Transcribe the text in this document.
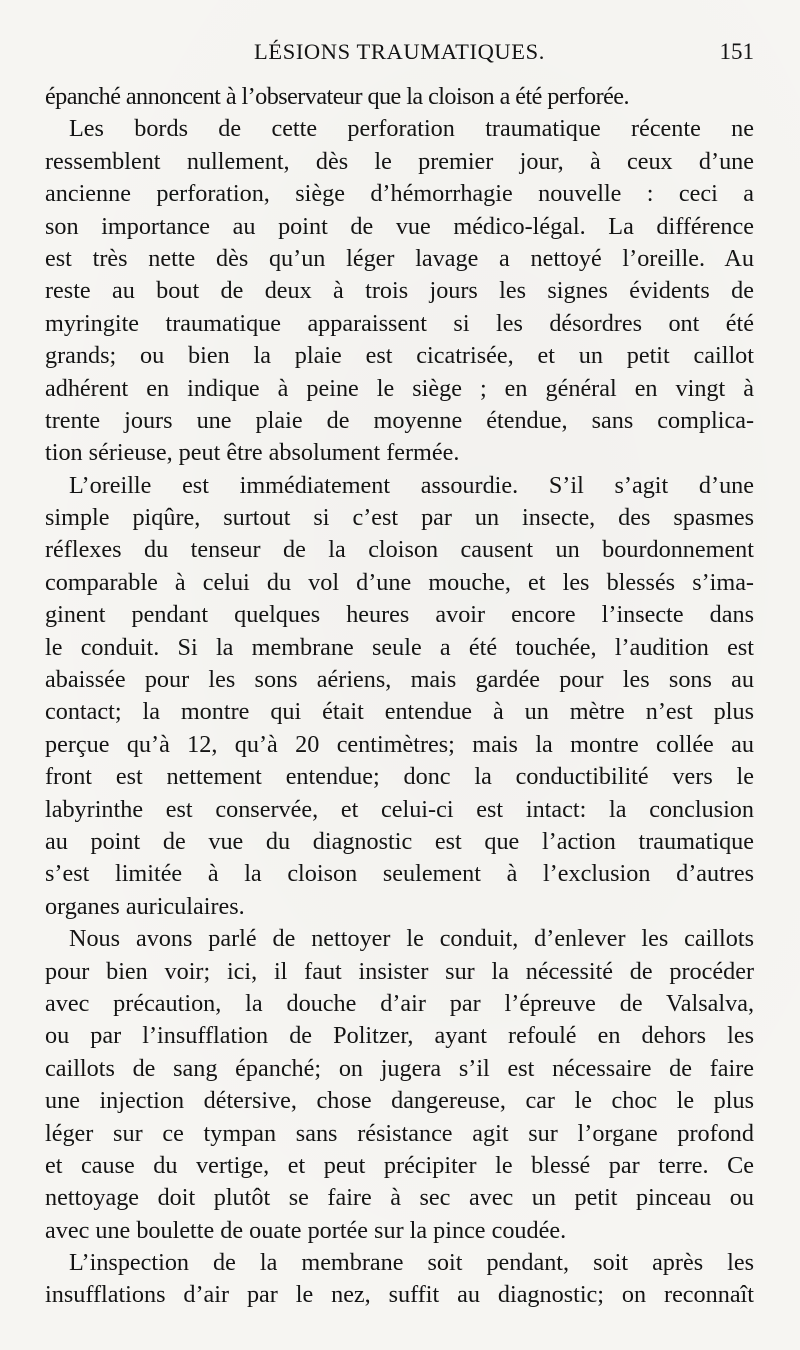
LÉSIONS TRAUMATIQUES.	151
épanché annoncent à l’observateur que la cloison a été perforée.
Les bords de cette perforation traumatique récente ne
ressemblent nullement, dès le premier jour, à ceux d’une
ancienne perforation, siège d’hémorrhagie nouvelle : ceci a
son importance au point de vue médico-légal. La différence
est très nette dès qu’un léger lavage a nettoyé l’oreille. Au
reste au bout de deux à trois jours les signes évidents de
myringite traumatique apparaissent si les désordres ont été
grands; ou bien la plaie est cicatrisée, et un petit caillot
adhérent en indique à peine le siège ; en général en vingt à
trente jours une plaie de moyenne étendue, sans complica-
tion sérieuse, peut être absolument fermée.
L’oreille est immédiatement assourdie. S’il s’agit d’une
simple piqûre, surtout si c’est par un insecte, des spasmes
réflexes du tenseur de la cloison causent un bourdonnement
comparable à celui du vol d’une mouche, et les blessés s’ima-
ginent pendant quelques heures avoir encore l’insecte dans
le conduit. Si la membrane seule a été touchée, l’audition est
abaissée pour les sons aériens, mais gardée pour les sons au
contact; la montre qui était entendue à un mètre n’est plus
perçue qu’à 12, qu’à 20 centimètres; mais la montre collée au
front est nettement entendue; donc la conductibilité vers le
labyrinthe est conservée, et celui-ci est intact: la conclusion
au point de vue du diagnostic est que l’action traumatique
s’est limitée à la cloison seulement à l’exclusion d’autres
organes auriculaires.
Nous avons parlé de nettoyer le conduit, d’enlever les caillots
pour bien voir; ici, il faut insister sur la nécessité de procéder
avec précaution, la douche d’air par l’épreuve de Valsalva,
ou par l’insufflation de Politzer, ayant refoulé en dehors les
caillots de sang épanché; on jugera s’il est nécessaire de faire
une injection détersive, chose dangereuse, car le choc le plus
léger sur ce tympan sans résistance agit sur l’organe profond
et cause du vertige, et peut précipiter le blessé par terre. Ce
nettoyage doit plutôt se faire à sec avec un petit pinceau ou
avec une boulette de ouate portée sur la pince coudée.
L’inspection de la membrane soit pendant, soit après les
insufflations d’air par le nez, suffit au diagnostic; on reconnaît
